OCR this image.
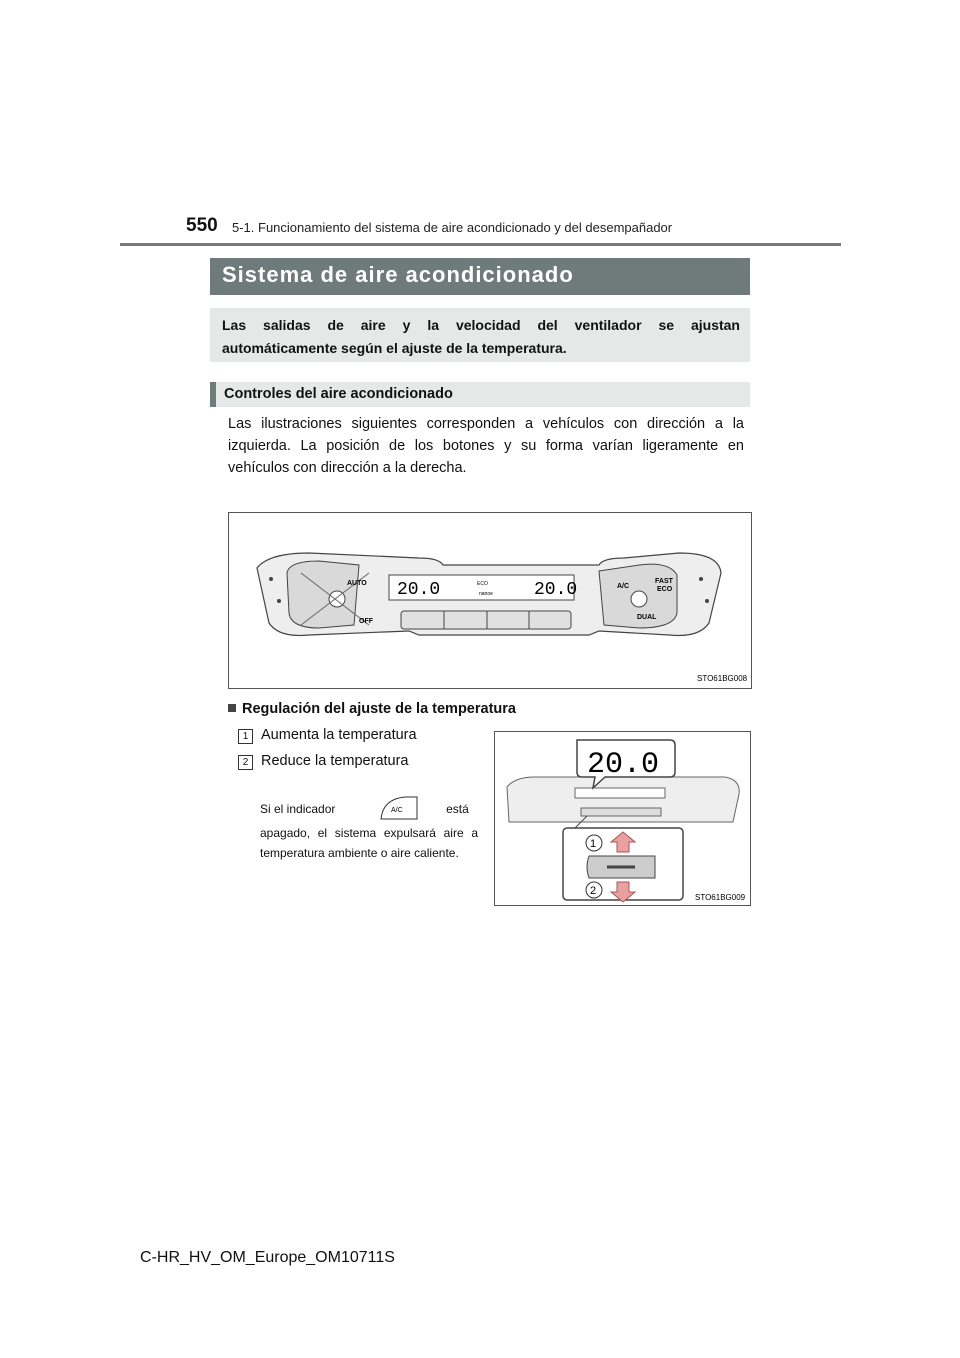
550 5-1. Funcionamiento del sistema de aire acondicionado y del desempañador
Sistema de aire acondicionado
Las salidas de aire y la velocidad del ventilador se ajustan
automáticamente según el ajuste de la temperatura.
Controles del aire acondicionado
Las ilustraciones siguientes corresponden a vehículos con dirección a la izquierda. La posición de los botones y su forma varían ligeramente en vehículos con dirección a la derecha.
AUTO
OFF
20.0	20.0
ECO
nanoe
A/C
FAST
ECO
DUAL
STO61BG008
Regulación del ajuste de la temperatura
1 Aumenta la temperatura
2 Reduce la temperatura
Si el indicador	A/C	está
apagado, el sistema expulsará aire a temperatura ambiente o aire caliente.
20.0
1
2
STO61BG009
C-HR_HV_OM_Europe_OM10711S
